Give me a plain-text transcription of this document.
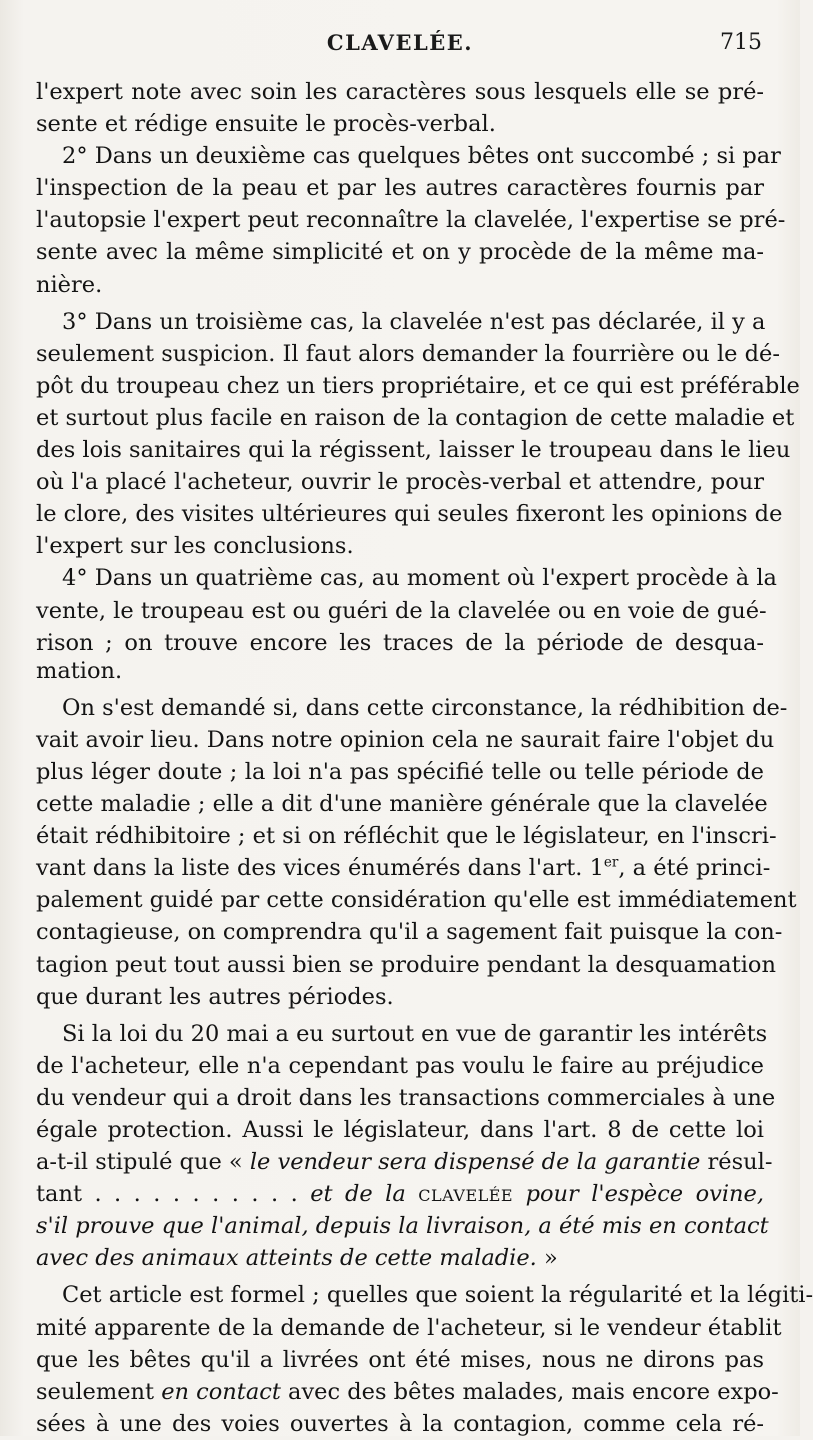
CLAVELÉE.	715
l'expert note avec soin les caractères sous lesquels elle se pré-
sente et rédige ensuite le procès-verbal.
2° Dans un deuxième cas quelques bêtes ont succombé ; si par
l'inspection de la peau et par les autres caractères fournis par
l'autopsie l'expert peut reconnaître la clavelée, l'expertise se pré-
sente avec la même simplicité et on y procède de la même ma-
nière.
3° Dans un troisième cas, la clavelée n'est pas déclarée, il y a
seulement suspicion. Il faut alors demander la fourrière ou le dé-
pôt du troupeau chez un tiers propriétaire, et ce qui est préférable
et surtout plus facile en raison de la contagion de cette maladie et
des lois sanitaires qui la régissent, laisser le troupeau dans le lieu
où l'a placé l'acheteur, ouvrir le procès-verbal et attendre, pour
le clore, des visites ultérieures qui seules fixeront les opinions de
l'expert sur les conclusions.
4° Dans un quatrième cas, au moment où l'expert procède à la
vente, le troupeau est ou guéri de la clavelée ou en voie de gué-
rison ; on trouve encore les traces de la période de desqua-
mation.
On s'est demandé si, dans cette circonstance, la rédhibition de-
vait avoir lieu. Dans notre opinion cela ne saurait faire l'objet du
plus léger doute ; la loi n'a pas spécifié telle ou telle période de
cette maladie ; elle a dit d'une manière générale que la clavelée
était rédhibitoire ; et si on réfléchit que le législateur, en l'inscri-
vant dans la liste des vices énumérés dans l'art. 1er, a été princi-
palement guidé par cette considération qu'elle est immédiatement
contagieuse, on comprendra qu'il a sagement fait puisque la con-
tagion peut tout aussi bien se produire pendant la desquamation
que durant les autres périodes.
Si la loi du 20 mai a eu surtout en vue de garantir les intérêts
de l'acheteur, elle n'a cependant pas voulu le faire au préjudice
du vendeur qui a droit dans les transactions commerciales à une
égale protection. Aussi le législateur, dans l'art. 8 de cette loi
a-t-il stipulé que « le vendeur sera dispensé de la garantie résul-
tant . . . . . . . . . . . et de la clavelée pour l'espèce ovine,
s'il prouve que l'animal, depuis la livraison, a été mis en contact
avec des animaux atteints de cette maladie. »
Cet article est formel ; quelles que soient la régularité et la légiti-
mité apparente de la demande de l'acheteur, si le vendeur établit
que les bêtes qu'il a livrées ont été mises, nous ne dirons pas
seulement en contact avec des bêtes malades, mais encore expo-
sées à une des voies ouvertes à la contagion, comme cela ré-
